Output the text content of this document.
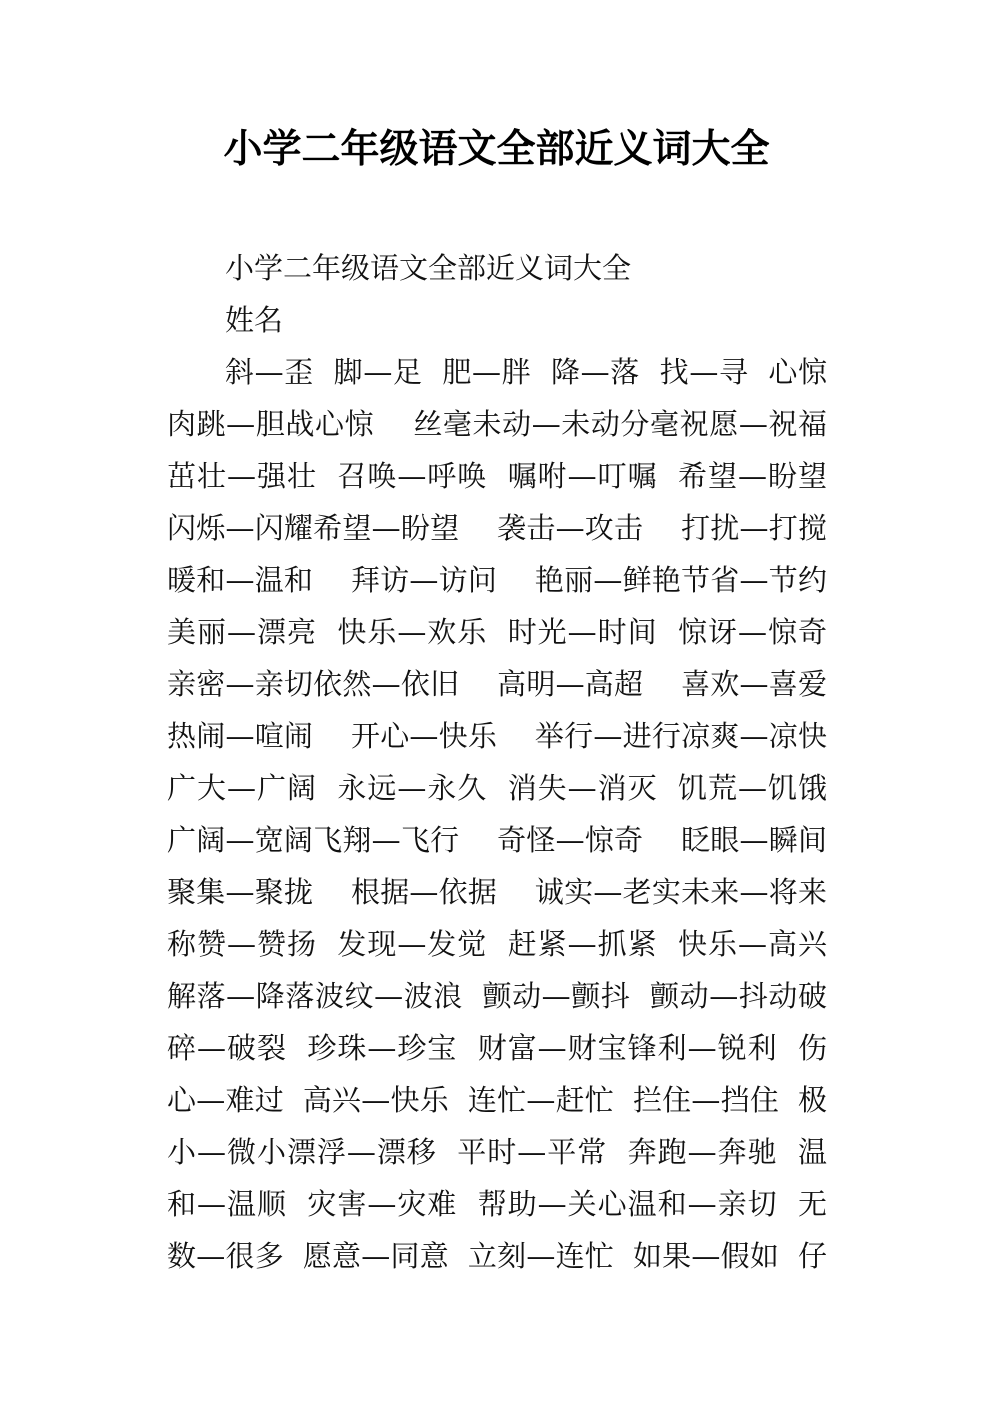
小学二年级语文全部近义词大全
小学二年级语文全部近义词大全
姓名
斜—歪  脚—足  肥—胖  降—落  找—寻  心惊
肉跳—胆战心惊    丝毫未动—未动分毫祝愿—祝福
茁壮—强壮  召唤—呼唤  嘱咐—叮嘱  希望—盼望
闪烁—闪耀希望—盼望    袭击—攻击    打扰—打搅
暖和—温和    拜访—访问    艳丽—鲜艳节省—节约
美丽—漂亮  快乐—欢乐  时光—时间  惊讶—惊奇
亲密—亲切依然—依旧    高明—高超    喜欢—喜爱
热闹—喧闹    开心—快乐    举行—进行凉爽—凉快
广大—广阔  永远—永久  消失—消灭  饥荒—饥饿
广阔—宽阔飞翔—飞行    奇怪—惊奇    眨眼—瞬间
聚集—聚拢    根据—依据    诚实—老实未来—将来
称赞—赞扬  发现—发觉  赶紧—抓紧  快乐—高兴
解落—降落波纹—波浪  颤动—颤抖  颤动—抖动破
碎—破裂  珍珠—珍宝  财富—财宝锋利—锐利  伤
心—难过  高兴—快乐  连忙—赶忙  拦住—挡住  极
小—微小漂浮—漂移  平时—平常  奔跑—奔驰  温
和—温顺  灾害—灾难  帮助—关心温和—亲切  无
数—很多  愿意—同意  立刻—连忙  如果—假如  仔
